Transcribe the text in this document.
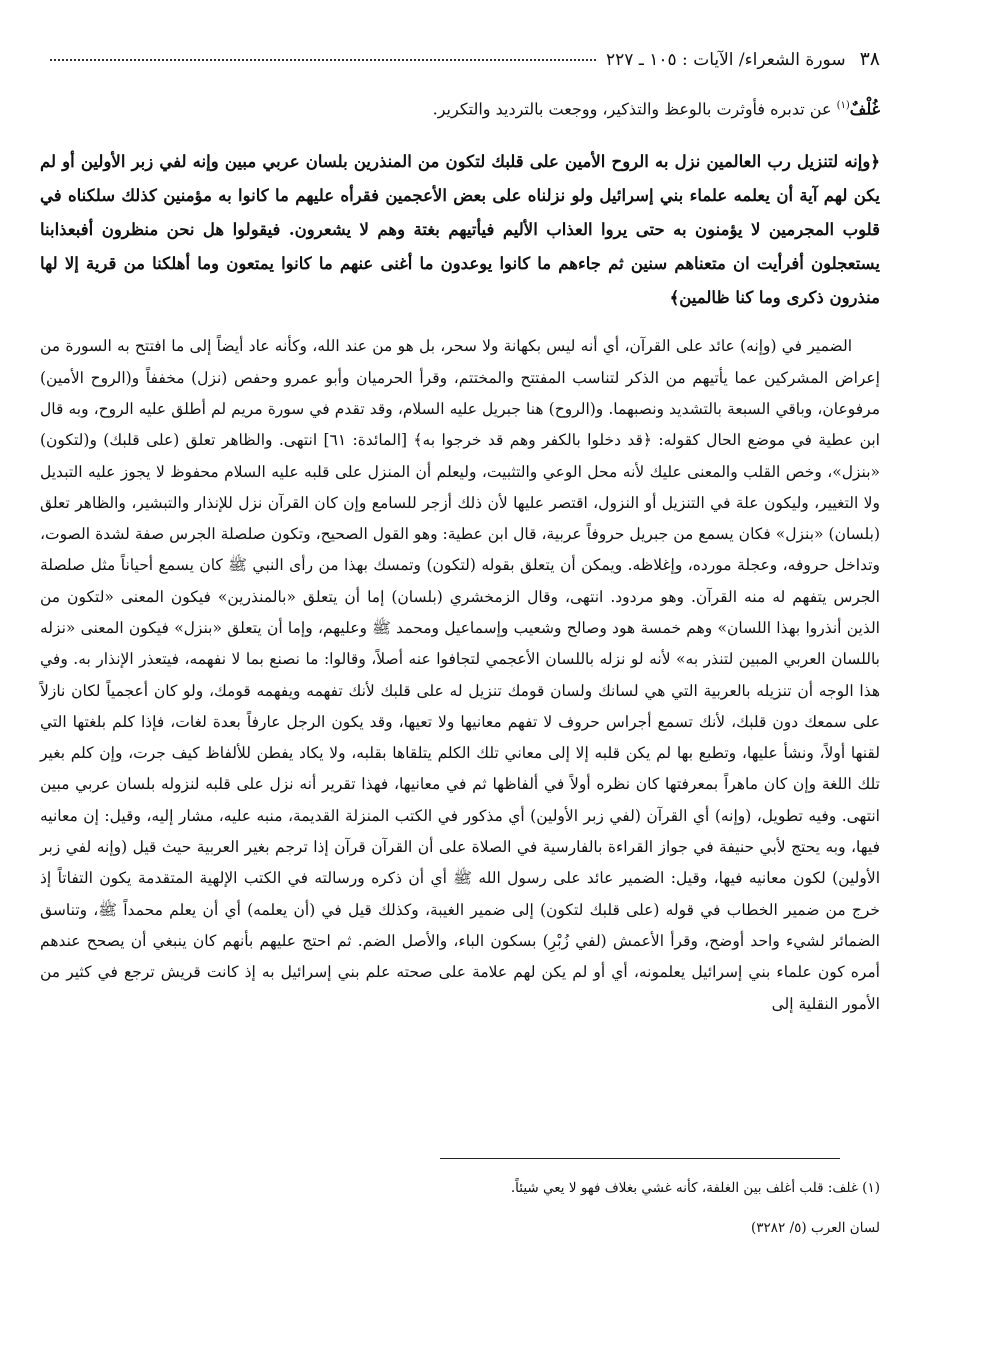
٣٨
سورة الشعراء/ الآيات : ١٠٥ ـ ٢٢٧

غُلْفٌ$^{(١)}$ عن تدبره فأوثرت بالوعظ والتذكير، ووجعت بالترديد والتكرير.

﴿وإنه لتنزيل رب العالمين نزل به الروح الأمين على قلبك لتكون من المنذرين بلسان عربي مبين وإنه لفي زبر الأولين أو لم يكن لهم آية أن يعلمه علماء بني إسرائيل ولو نزلناه على بعض الأعجمين فقرأه عليهم ما كانوا به مؤمنين كذلك سلكناه في قلوب المجرمين لا يؤمنون به حتى يروا العذاب الأليم فيأتيهم بغتة وهم لا يشعرون. فيقولوا هل نحن منظرون أفبعذابنا يستعجلون أفرأيت ان متعناهم سنين ثم جاءهم ما كانوا يوعدون ما أغنى عنهم ما كانوا يمتعون وما أهلكنا من قرية إلا لها منذرون ذكرى وما كنا ظالمين﴾

الضمير في (وإنه) عائد على القرآن، أي أنه ليس بكهانة ولا سحر، بل هو من عند الله، وكأنه عاد أيضاً إلى ما افتتح به السورة من إعراض المشركين عما يأتيهم من الذكر لتناسب المفتتح والمختتم، وقرأ الحرميان وأبو عمرو وحفص (نزل) مخففاً و(الروح الأمين) مرفوعان، وباقي السبعة بالتشديد ونصبهما. و(الروح) هنا جبريل عليه السلام، وقد تقدم في سورة مريم لم أطلق عليه الروح، وبه قال ابن عطية في موضع الحال كقوله: ﴿قد دخلوا بالكفر وهم قد خرجوا به﴾ [المائدة: ٦١] انتهى. والظاهر تعلق (على قلبك) و(لتكون) «بنزل»، وخص القلب والمعنى عليك لأنه محل الوعي والتثبيت، وليعلم أن المنزل على قلبه عليه السلام محفوظ لا يجوز عليه التبديل ولا التغيير، وليكون علة في التنزيل أو النزول، اقتصر عليها لأن ذلك أزجر للسامع وإن كان القرآن نزل للإنذار والتبشير، والظاهر تعلق (بلسان) «بنزل» فكان يسمع من جبريل حروفاً عربية، قال ابن عطية: وهو القول الصحيح، وتكون صلصلة الجرس صفة لشدة الصوت، وتداخل حروفه، وعجلة مورده، وإغلاظه. ويمكن أن يتعلق بقوله (لتكون) وتمسك بهذا من رأى النبي ﷺ كان يسمع أحياناً مثل صلصلة الجرس يتفهم له منه القرآن. وهو مردود. انتهى، وقال الزمخشري (بلسان) إما أن يتعلق «بالمنذرين» فيكون المعنى «لتكون من الذين أنذروا بهذا اللسان» وهم خمسة هود وصالح وشعيب وإسماعيل ومحمد ﷺ وعليهم، وإما أن يتعلق «بنزل» فيكون المعنى «نزله باللسان العربي المبين لتنذر به» لأنه لو نزله باللسان الأعجمي لتجافوا عنه أصلاً، وقالوا: ما نصنع بما لا نفهمه، فيتعذر الإنذار به. وفي هذا الوجه أن تنزيله بالعربية التي هي لسانك ولسان قومك تنزيل له على قلبك لأنك تفهمه ويفهمه قومك، ولو كان أعجمياً لكان نازلاً على سمعك دون قلبك، لأنك تسمع أجراس حروف لا تفهم معانيها ولا تعيها، وقد يكون الرجل عارفاً بعدة لغات، فإذا كلم بلغتها التي لقنها أولاً، ونشأ عليها، وتطبع بها لم يكن قلبه إلا إلى معاني تلك الكلم يتلقاها بقلبه، ولا يكاد يفطن للألفاظ كيف جرت، وإن كلم بغير تلك اللغة وإن كان ماهراً بمعرفتها كان نظره أولاً في ألفاظها ثم في معانيها، فهذا تقرير أنه نزل على قلبه لنزوله بلسان عربي مبين انتهى. وفيه تطويل، (وإنه) أي القرآن (لفي زبر الأولين) أي مذكور في الكتب المنزلة القديمة، منبه عليه، مشار إليه، وقيل: إن معانيه فيها، وبه يحتج لأبي حنيفة في جواز القراءة بالفارسية في الصلاة على أن القرآن قرآن إذا ترجم بغير العربية حيث قيل (وإنه لفي زبر الأولين) لكون معانيه فيها، وقيل: الضمير عائد على رسول الله ﷺ أي أن ذكره ورسالته في الكتب الإلهية المتقدمة يكون التفاتاً إذ خرج من ضمير الخطاب في قوله (على قلبك لتكون) إلى ضمير الغيبة، وكذلك قيل في (أن يعلمه) أي أن يعلم محمداً ﷺ، وتناسق الضمائر لشيء واحد أوضح، وقرأ الأعمش (لفي زُبْرِ) بسكون الباء، والأصل الضم. ثم احتج عليهم بأنهم كان ينبغي أن يصحح عندهم أمره كون علماء بني إسرائيل يعلمونه، أي أو لم يكن لهم علامة على صحته علم بني إسرائيل به إذ كانت قريش ترجع في كثير من الأمور النقلية إلى

(١) غلف: قلب أغلف بين الغلفة، كأنه غشي بغلاف فهو لا يعي شيئاً.

لسان العرب (٥/ ٣٢٨٢)
